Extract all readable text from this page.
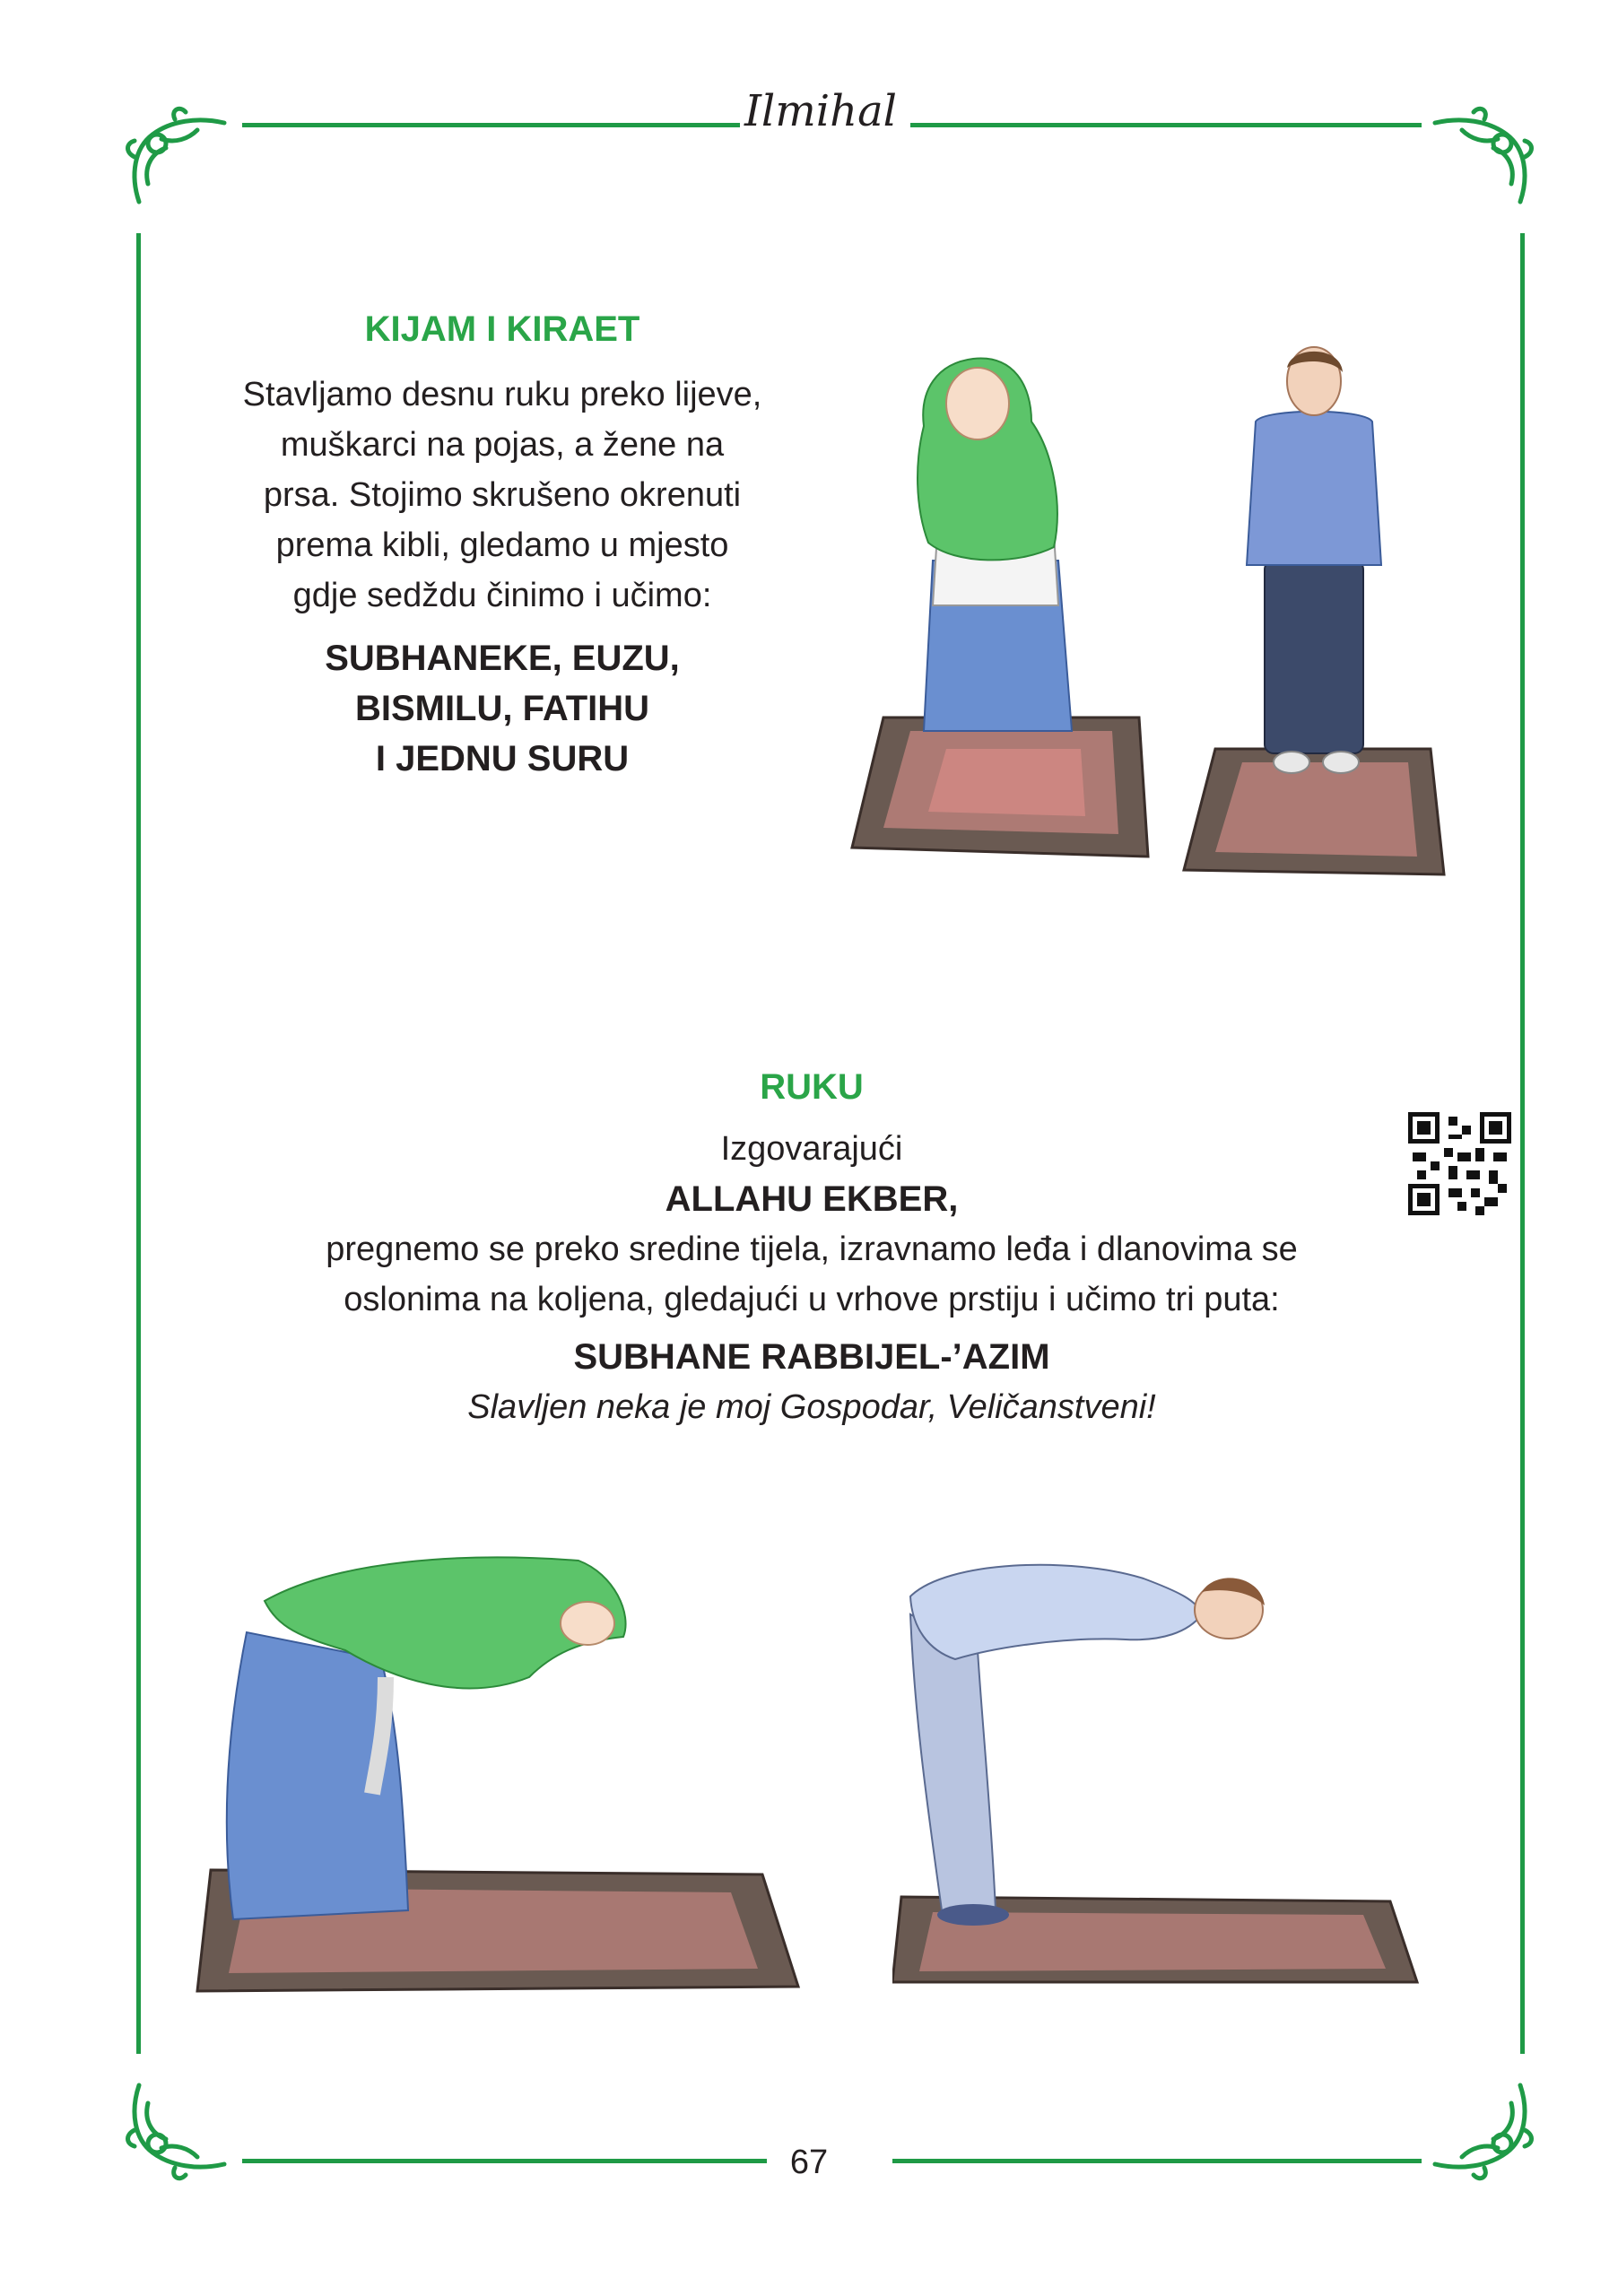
Ilmihal
KIJAM I KIRAET
Stavljamo desnu ruku preko lijeve,
muškarci na pojas, a žene na
prsa. Stojimo skrušeno okrenuti
prema kibli, gledamo u mjesto
gdje sedždu činimo i učimo:
SUBHANEKE, EUZU,
BISMILU, FATIHU
I JEDNU SURU
RUKU
Izgovarajući
ALLAHU EKBER,
pregnemo se preko sredine tijela, izravnamo leđa i dlanovima se
oslonima na koljena, gledajući u vrhove prstiju i učimo tri puta:
SUBHANE RABBIJEL-’AZIM
Slavljen neka je moj Gospodar, Veličanstveni!
67
